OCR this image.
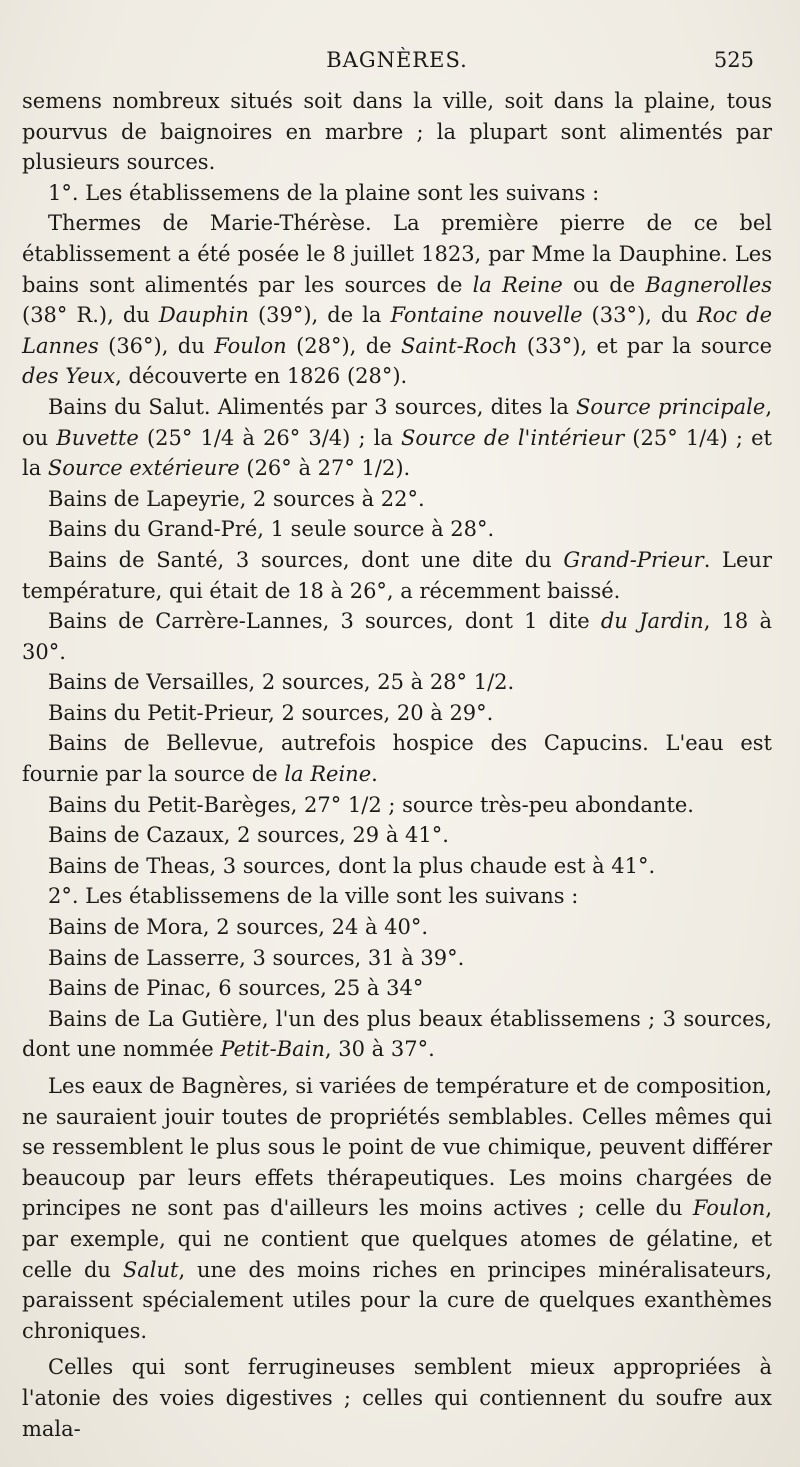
BAGNÈRES.	525

semens nombreux situés soit dans la ville, soit dans la plaine, tous pourvus de baignoires en marbre ; la plupart sont alimentés par plusieurs sources.

1°. Les établissemens de la plaine sont les suivans :

Thermes de Marie-Thérèse. La première pierre de ce bel établissement a été posée le 8 juillet 1823, par Mme la Dauphine. Les bains sont alimentés par les sources de la Reine ou de Bagnerolles (38° R.), du Dauphin (39°), de la Fontaine nouvelle (33°), du Roc de Lannes (36°), du Foulon (28°), de Saint-Roch (33°), et par la source des Yeux, découverte en 1826 (28°).

Bains du Salut. Alimentés par 3 sources, dites la Source principale, ou Buvette (25° 1/4 à 26° 3/4) ; la Source de l'intérieur (25° 1/4) ; et la Source extérieure (26° à 27° 1/2).

Bains de Lapeyrie, 2 sources à 22°.

Bains du Grand-Pré, 1 seule source à 28°.

Bains de Santé, 3 sources, dont une dite du Grand-Prieur. Leur température, qui était de 18 à 26°, a récemment baissé.

Bains de Carrère-Lannes, 3 sources, dont 1 dite du Jardin, 18 à 30°.

Bains de Versailles, 2 sources, 25 à 28° 1/2.

Bains du Petit-Prieur, 2 sources, 20 à 29°.

Bains de Bellevue, autrefois hospice des Capucins. L'eau est fournie par la source de la Reine.

Bains du Petit-Barèges, 27° 1/2 ; source très-peu abondante.

Bains de Cazaux, 2 sources, 29 à 41°.

Bains de Theas, 3 sources, dont la plus chaude est à 41°.

2°. Les établissemens de la ville sont les suivans :

Bains de Mora, 2 sources, 24 à 40°.

Bains de Lasserre, 3 sources, 31 à 39°.

Bains de Pinac, 6 sources, 25 à 34°

Bains de La Gutière, l'un des plus beaux établissemens ; 3 sources, dont une nommée Petit-Bain, 30 à 37°.

Les eaux de Bagnères, si variées de température et de composition, ne sauraient jouir toutes de propriétés semblables. Celles mêmes qui se ressemblent le plus sous le point de vue chimique, peuvent différer beaucoup par leurs effets thérapeutiques. Les moins chargées de principes ne sont pas d'ailleurs les moins actives ; celle du Foulon, par exemple, qui ne contient que quelques atomes de gélatine, et celle du Salut, une des moins riches en principes minéralisateurs, paraissent spécialement utiles pour la cure de quelques exanthèmes chroniques.

Celles qui sont ferrugineuses semblent mieux appropriées à l'atonie des voies digestives ; celles qui contiennent du soufre aux mala-
